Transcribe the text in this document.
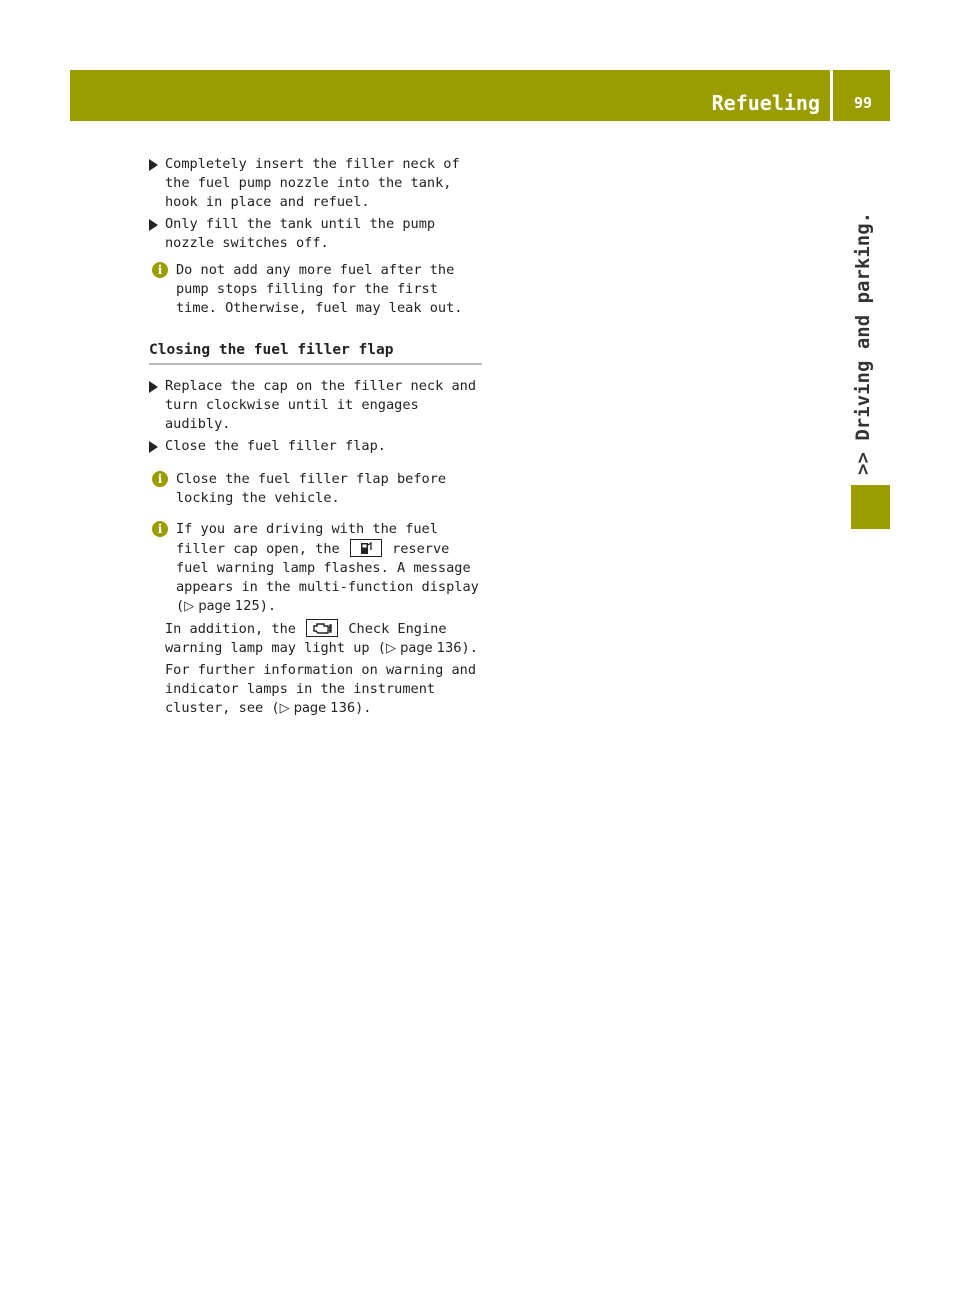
Refueling 99
>> Driving and parking.
Completely insert the filler neck of the fuel pump nozzle into the tank, hook in place and refuel.
Only fill the tank until the pump nozzle switches off.
i	Do not add any more fuel after the pump stops filling for the first time. Otherwise, fuel may leak out.

Closing the fuel filler flap
Replace the cap on the filler neck and turn clockwise until it engages audibly.
Close the fuel filler flap.
i	Close the fuel filler flap before locking the vehicle.

i	If you are driving with the fuel filler cap open, the	reserve fuel warning lamp flashes. A message appears in the multi-function display (▷ page 125).

In addition, the	Check Engine warning lamp may light up (▷ page 136).

For further information on warning and indicator lamps in the instrument cluster, see (▷ page 136).
